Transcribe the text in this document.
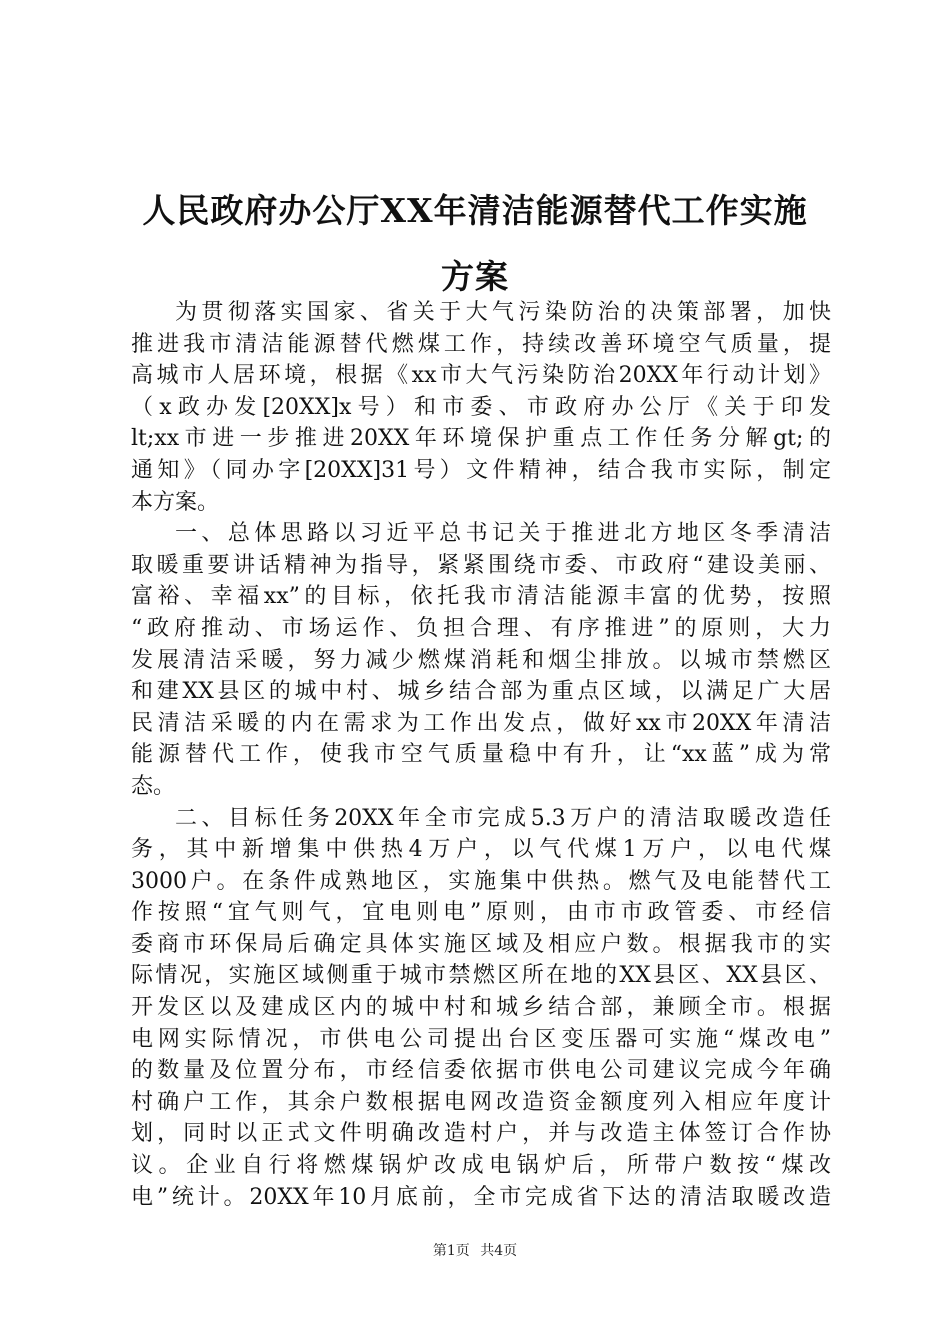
人民政府办公厅XX年清洁能源替代工作实施
方案
为贯彻落实国家、省关于大气污染防治的决策部署，加快
推进我市清洁能源替代燃煤工作，持续改善环境空气质量，提
高城市人居环境，根据《xx市大气污染防治20XX年行动计划》
（x政办发[20XX]x号）和市委、市政府办公厅《关于印发
lt;xx市进一步推进20XX年环境保护重点工作任务分解gt;的
通知》（同办字[20XX]31号）文件精神，结合我市实际，制定
本方案。
一、总体思路以习近平总书记关于推进北方地区冬季清洁
取暖重要讲话精神为指导，紧紧围绕市委、市政府“建设美丽、
富裕、幸福xx”的目标，依托我市清洁能源丰富的优势，按照
“政府推动、市场运作、负担合理、有序推进”的原则，大力
发展清洁采暖，努力减少燃煤消耗和烟尘排放。以城市禁燃区
和建XX县区的城中村、城乡结合部为重点区域，以满足广大居
民清洁采暖的内在需求为工作出发点，做好xx市20XX年清洁
能源替代工作，使我市空气质量稳中有升，让“xx蓝”成为常
态。
二、目标任务20XX年全市完成5.3万户的清洁取暖改造任
务，其中新增集中供热4万户，以气代煤1万户，以电代煤
3000户。在条件成熟地区，实施集中供热。燃气及电能替代工
作按照“宜气则气，宜电则电”原则，由市市政管委、市经信
委商市环保局后确定具体实施区域及相应户数。根据我市的实
际情况，实施区域侧重于城市禁燃区所在地的XX县区、XX县区、
开发区以及建成区内的城中村和城乡结合部，兼顾全市。根据
电网实际情况，市供电公司提出台区变压器可实施“煤改电”
的数量及位置分布，市经信委依据市供电公司建议完成今年确
村确户工作，其余户数根据电网改造资金额度列入相应年度计
划，同时以正式文件明确改造村户，并与改造主体签订合作协
议。企业自行将燃煤锅炉改成电锅炉后，所带户数按“煤改
电”统计。20XX年10月底前，全市完成省下达的清洁取暖改造
第1页 共4页
